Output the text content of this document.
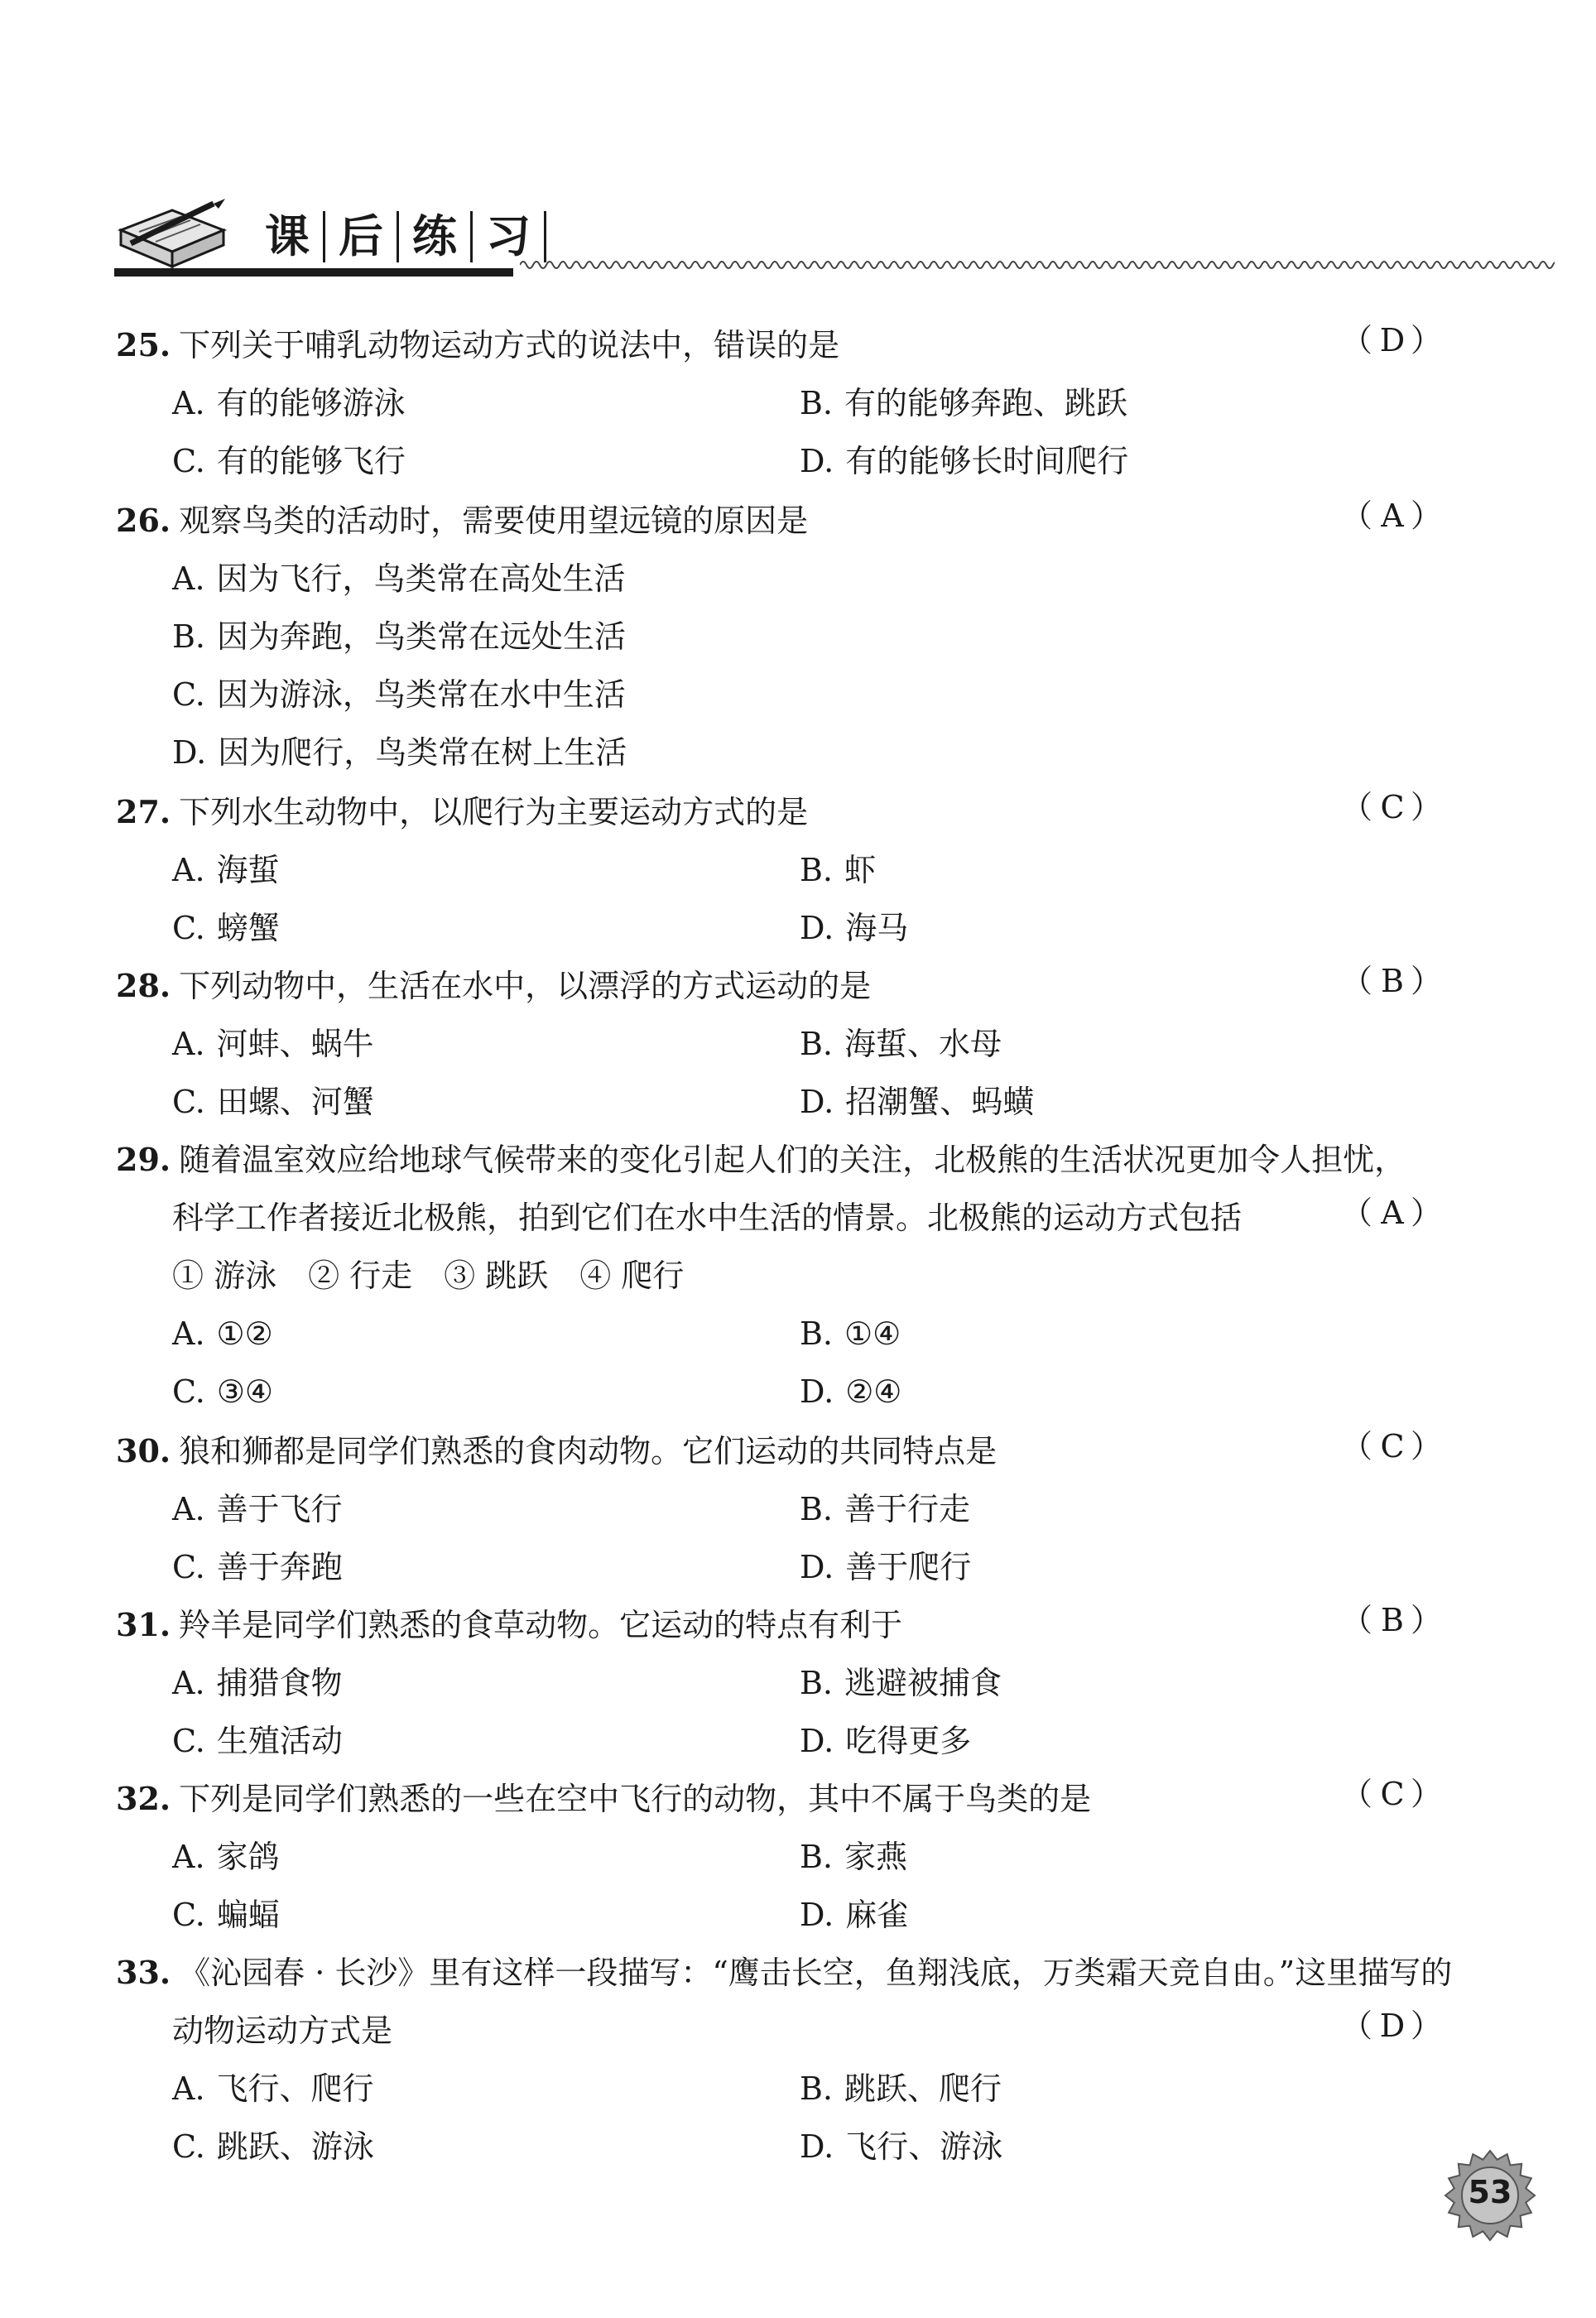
课 后 练 习
25. 下列关于哺乳动物运动方式的说法中，错误的是	（ D ）
A. 有的能够游泳	B. 有的能够奔跑、跳跃
C. 有的能够飞行	D. 有的能够长时间爬行
26. 观察鸟类的活动时，需要使用望远镜的原因是	（ A ）
A. 因为飞行，鸟类常在高处生活
B. 因为奔跑，鸟类常在远处生活
C. 因为游泳，鸟类常在水中生活
D. 因为爬行，鸟类常在树上生活
27. 下列水生动物中，以爬行为主要运动方式的是	（ C ）
A. 海蜇	B. 虾
C. 螃蟹	D. 海马
28. 下列动物中，生活在水中，以漂浮的方式运动的是	（ B ）
A. 河蚌、蜗牛	B. 海蜇、水母
C. 田螺、河蟹	D. 招潮蟹、蚂蟥
29. 随着温室效应给地球气候带来的变化引起人们的关注，北极熊的生活状况更加令人担忧，
科学工作者接近北极熊，拍到它们在水中生活的情景。北极熊的运动方式包括	（ A ）
① 游泳　② 行走　③ 跳跃　④ 爬行
A. ①②	B. ①④
C. ③④	D. ②④
30. 狼和狮都是同学们熟悉的食肉动物。它们运动的共同特点是	（ C ）
A. 善于飞行	B. 善于行走
C. 善于奔跑	D. 善于爬行
31. 羚羊是同学们熟悉的食草动物。它运动的特点有利于	（ B ）
A. 捕猎食物	B. 逃避被捕食
C. 生殖活动	D. 吃得更多
32. 下列是同学们熟悉的一些在空中飞行的动物，其中不属于鸟类的是	（ C ）
A. 家鸽	B. 家燕
C. 蝙蝠	D. 麻雀
33. 《沁园春 · 长沙》里有这样一段描写：“鹰击长空，鱼翔浅底，万类霜天竞自由。”这里描写的
动物运动方式是	（ D ）
A. 飞行、爬行	B. 跳跃、爬行
C. 跳跃、游泳	D. 飞行、游泳
53
